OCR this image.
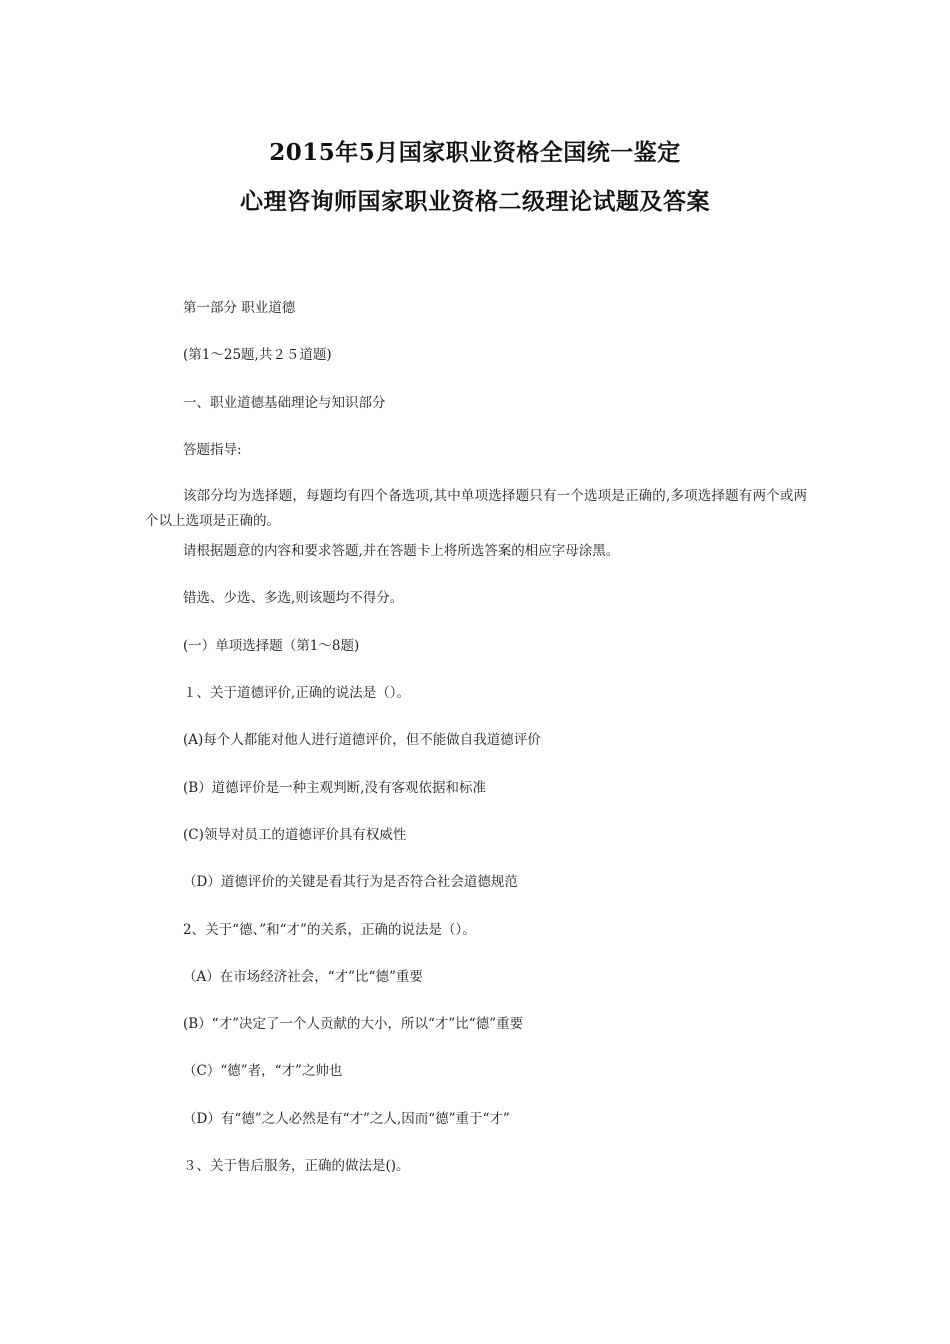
2015年5月国家职业资格全国统一鉴定
心理咨询师国家职业资格二级理论试题及答案

第一部分 职业道德

(第1～25题,共２５道题)

一、职业道德基础理论与知识部分

答题指导:

该部分均为选择题，每题均有四个备选项,其中单项选择题只有一个选项是正确的,多项选择题有两个或两个以上选项是正确的。

请根据题意的内容和要求答题,并在答题卡上将所选答案的相应字母涂黑。

错选、少选、多选,则该题均不得分。

(一）单项选择题（第1～8题)

１、关于道德评价,正确的说法是（）。

(A)每个人都能对他人进行道德评价，但不能做自我道德评价

(B）道德评价是一种主观判断,没有客观依据和标准

(C)领导对员工的道德评价具有权威性

（D）道德评价的关键是看其行为是否符合社会道德规范

2、关于“德、”和“才”的关系，正确的说法是（）。

（A）在市场经济社会，“才”比“德”重要

(B）“才”决定了一个人贡献的大小，所以“才”比“德”重要

（C）“德”者，“才”之帅也

（D）有“德”之人必然是有“才”之人,因而“德”重于“才”

３、关于售后服务，正确的做法是()。
